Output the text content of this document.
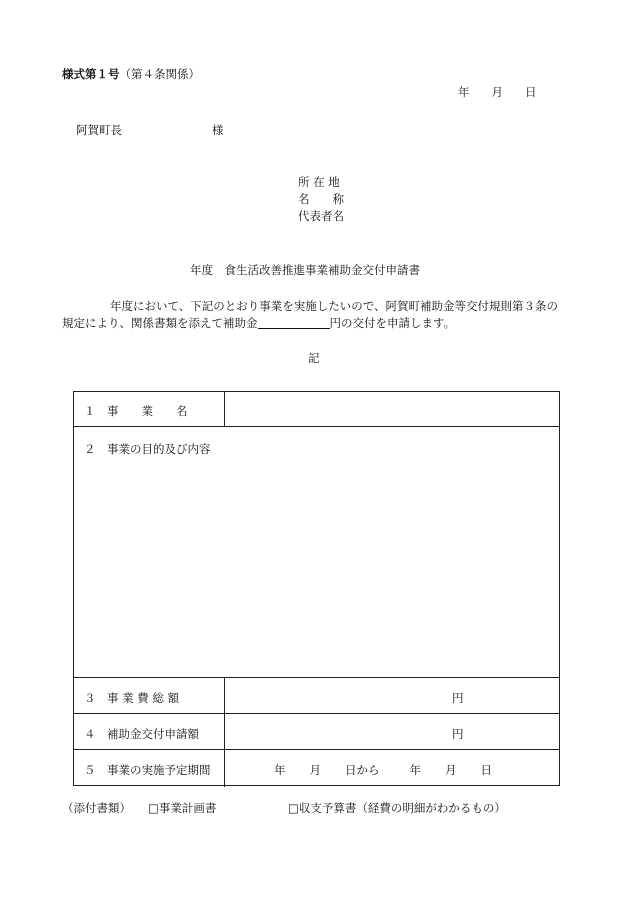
様式第１号（第４条関係）
年 月 日
阿賀町長	様
所 在 地
名　　称
代表者名
年度　食生活改善推進事業補助金交付申請書
年度において、下記のとおり事業を実施したいので、阿賀町補助金等交付規則第３条の規定により、関係書類を添えて補助金	円の交付を申請します。
記
１　事　　業　　名
２　事業の目的及び内容
３　事 業 費 総 額	円
４　補助金交付申請額	円
５　事業の実施予定期間	年 月 日から	年 月 日
（添付書類） □事業計画書	□収支予算書（経費の明細がわかるもの）
